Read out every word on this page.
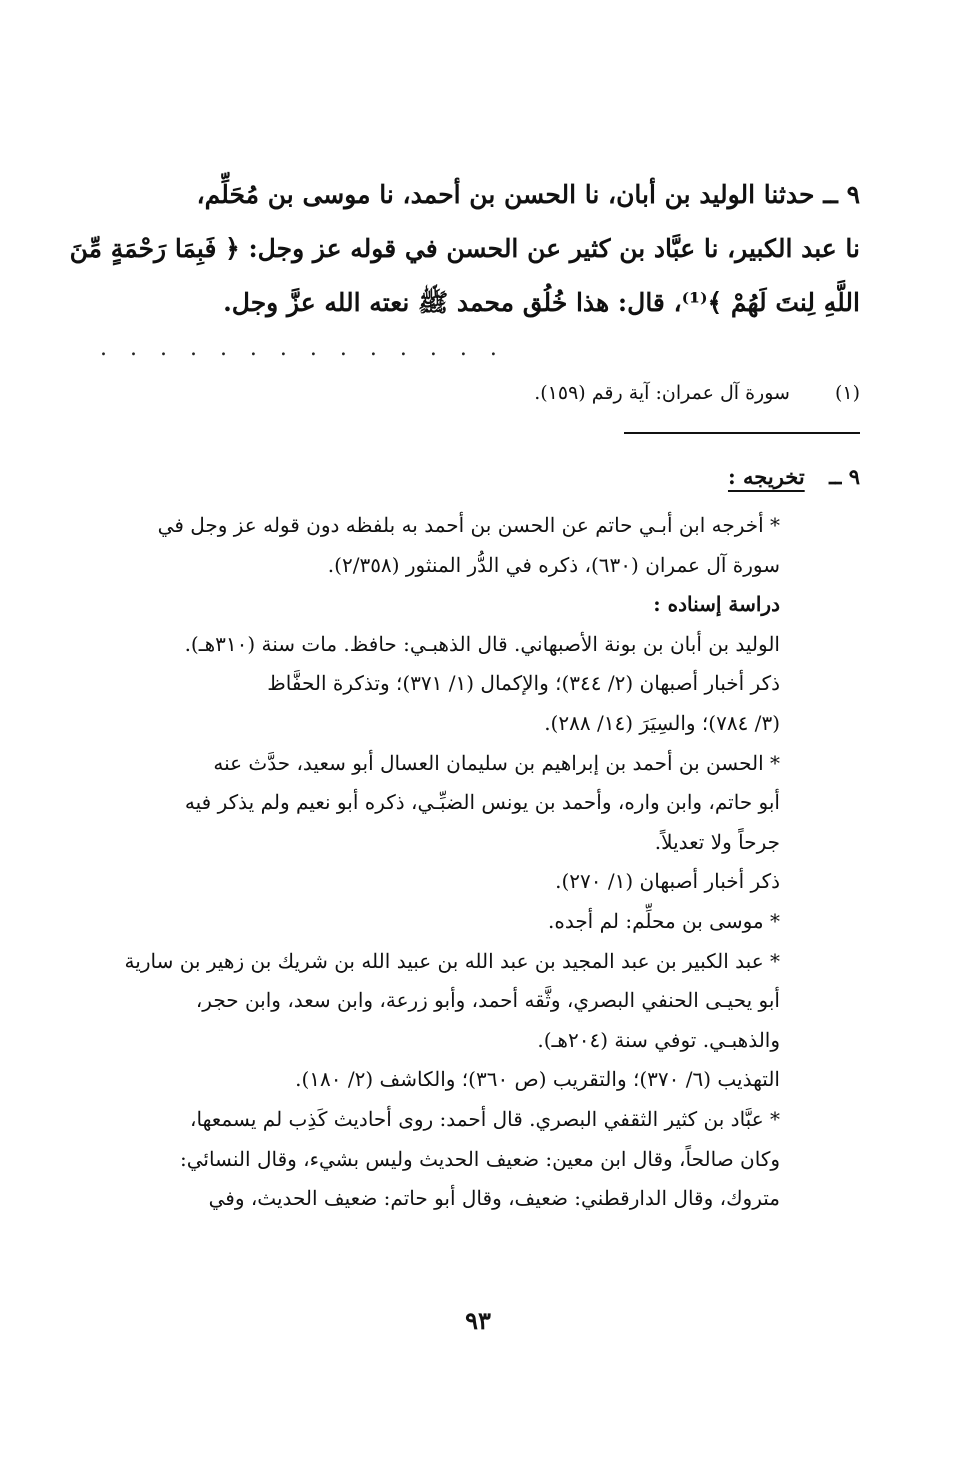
٩ ــ حدثنا الوليد بن أبان، نا الحسن بن أحمد، نا موسى بن مُحَلِّم،
نا عبد الكبير، نا عبَّاد بن كثير عن الحسن في قوله عز وجل: ﴿ فَبِمَا رَحْمَةٍ مِّنَ
اللَّهِ لِنتَ لَهُمْ ﴾⁽¹⁾، قال: هذا خُلُق محمد ﷺ نعته الله عزَّ وجل.
. . . . . . . . . . . . . .
(١) سورة آل عمران: آية رقم (١٥٩).
٩ ــ تخريجه :
* أخرجه ابن أبـي حاتم عن الحسن بن أحمد به بلفظه دون قوله عز وجل في
سورة آل عمران (٦٣٠)، ذكره في الدُّر المنثور (٢/٣٥٨).
دراسة إسناده :
الوليد بن أبان بن بونة الأصبهاني. قال الذهبـي: حافظ. مات سنة (٣١٠هـ).
ذكر أخبار أصبهان (٢/ ٣٤٤)؛ والإكمال (١/ ٣٧١)؛ وتذكرة الحفَّاظ
(٣/ ٧٨٤)؛ والسِيَرَ (١٤/ ٢٨٨).
* الحسن بن أحمد بن إبراهيم بن سليمان العسال أبو سعيد، حدَّث عنه
أبو حاتم، وابن واره، وأحمد بن يونس الضبِّـي، ذكره أبو نعيم ولم يذكر فيه
جرحاً ولا تعديلاً.
ذكر أخبار أصبهان (١/ ٢٧٠).
* موسى بن محلِّم: لم أجده.
* عبد الكبير بن عبد المجيد بن عبد الله بن عبيد الله بن شريك بن زهير بن سارية
أبو يحيـى الحنفي البصري، وثَّقه أحمد، وأبو زرعة، وابن سعد، وابن حجر،
والذهبـي. توفي سنة (٢٠٤هـ).
التهذيب (٦/ ٣٧٠)؛ والتقريب (ص ٣٦٠)؛ والكاشف (٢/ ١٨٠).
* عبَّاد بن كثير الثقفي البصري. قال أحمد: روى أحاديث كَذِب لم يسمعها،
وكان صالحاً، وقال ابن معين: ضعيف الحديث وليس بشيء، وقال النسائي:
متروك، وقال الدارقطني: ضعيف، وقال أبو حاتم: ضعيف الحديث، وفي
٩٣
